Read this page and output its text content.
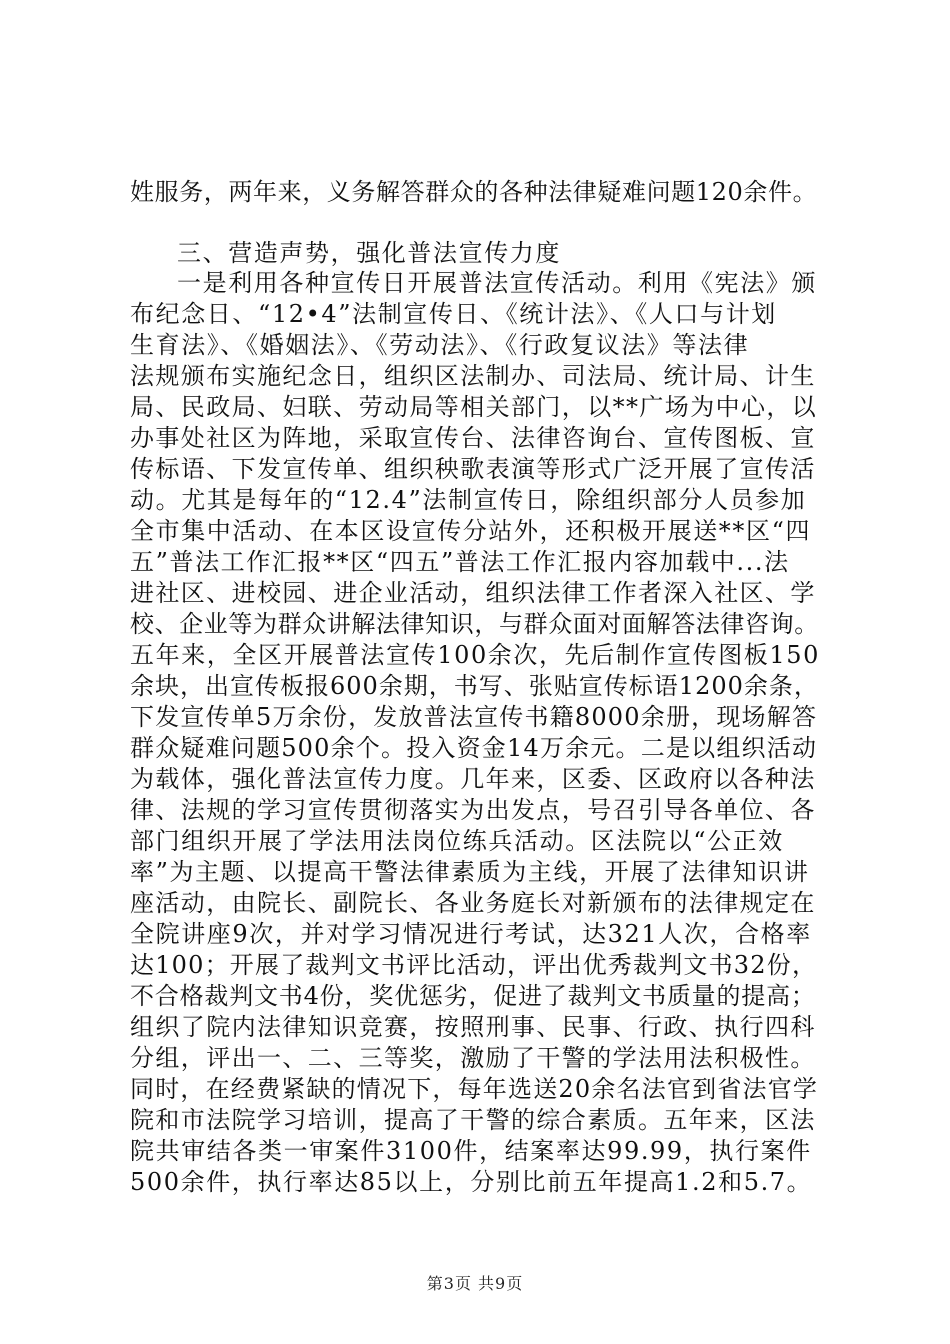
姓服务，两年来，义务解答群众的各种法律疑难问题120余件。
三、营造声势，强化普法宣传力度
一是利用各种宣传日开展普法宣传活动。利用《宪法》颁
布纪念日、“12•4”法制宣传日、《统计法》、《人口与计划
生育法》、《婚姻法》、《劳动法》、《行政复议法》等法律
法规颁布实施纪念日，组织区法制办、司法局、统计局、计生
局、民政局、妇联、劳动局等相关部门，以**广场为中心，以
办事处社区为阵地，采取宣传台、法律咨询台、宣传图板、宣
传标语、下发宣传单、组织秧歌表演等形式广泛开展了宣传活
动。尤其是每年的“12.4”法制宣传日，除组织部分人员参加
全市集中活动、在本区设宣传分站外，还积极开展送**区“四
五”普法工作汇报**区“四五”普法工作汇报内容加载中...法
进社区、进校园、进企业活动，组织法律工作者深入社区、学
校、企业等为群众讲解法律知识，与群众面对面解答法律咨询。
五年来，全区开展普法宣传100余次，先后制作宣传图板150
余块，出宣传板报600余期，书写、张贴宣传标语1200余条，
下发宣传单5万余份，发放普法宣传书籍8000余册，现场解答
群众疑难问题500余个。投入资金14万余元。二是以组织活动
为载体，强化普法宣传力度。几年来，区委、区政府以各种法
律、法规的学习宣传贯彻落实为出发点，号召引导各单位、各
部门组织开展了学法用法岗位练兵活动。区法院以“公正效
率”为主题、以提高干警法律素质为主线，开展了法律知识讲
座活动，由院长、副院长、各业务庭长对新颁布的法律规定在
全院讲座9次，并对学习情况进行考试，达321人次，合格率
达100；开展了裁判文书评比活动，评出优秀裁判文书32份，
不合格裁判文书4份，奖优惩劣，促进了裁判文书质量的提高；
组织了院内法律知识竞赛，按照刑事、民事、行政、执行四科
分组，评出一、二、三等奖，激励了干警的学法用法积极性。
同时，在经费紧缺的情况下，每年选送20余名法官到省法官学
院和市法院学习培训，提高了干警的综合素质。五年来，区法
院共审结各类一审案件3100件，结案率达99.99，执行案件
500余件，执行率达85以上，分别比前五年提高1.2和5.7。
第3页 共9页
